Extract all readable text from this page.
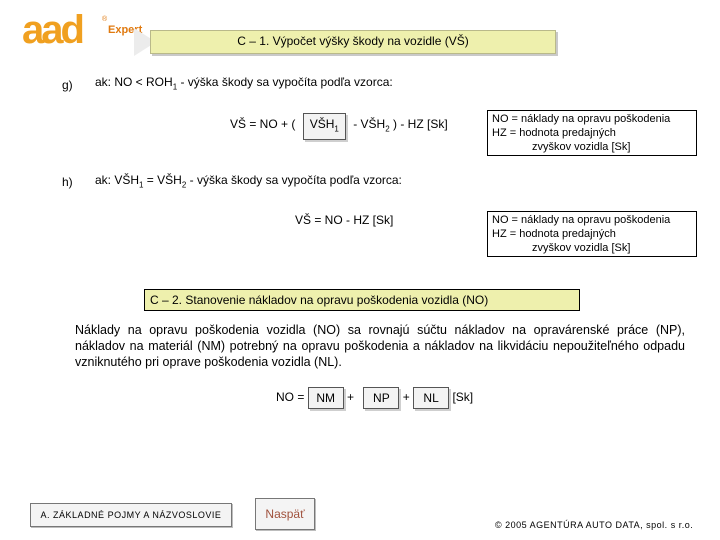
aad	®
Expert
C – 1. Výpočet výšky škody na vozidle (VŠ)
g) ak: NO < $ROH_1$ - výška škody sa vypočíta podľa vzorca:
VŠ = NO + ( $VŠH_1$ - $VŠH_2$ ) - HZ [Sk]	NO = náklady na opravu poškodenia
HZ = hodnota predajných
zvyškov vozidla [Sk]
h) ak: $VŠH_1$ = $VŠH_2$ - výška škody sa vypočíta podľa vzorca:
VŠ = NO - HZ [Sk]	NO = náklady na opravu poškodenia
HZ = hodnota predajných
zvyškov vozidla [Sk]
C – 2. Stanovenie nákladov na opravu poškodenia vozidla (NO)
Náklady na opravu poškodenia vozidla (NO) sa rovnajú súčtu nákladov na opravárenské práce (NP), nákladov na materiál (NM) potrebný na opravu poškodenia a nákladov na likvidáciu nepoužiteľného odpadu vzniknutého pri oprave poškodenia vozidla (NL).
NO = NM + NP + NL [Sk]
A. ZÁKLADNÉ POJMY A NÁZVOSLOVIE	Naspäť
© 2005 AGENTÚRA AUTO DATA, spol. s r.o.
